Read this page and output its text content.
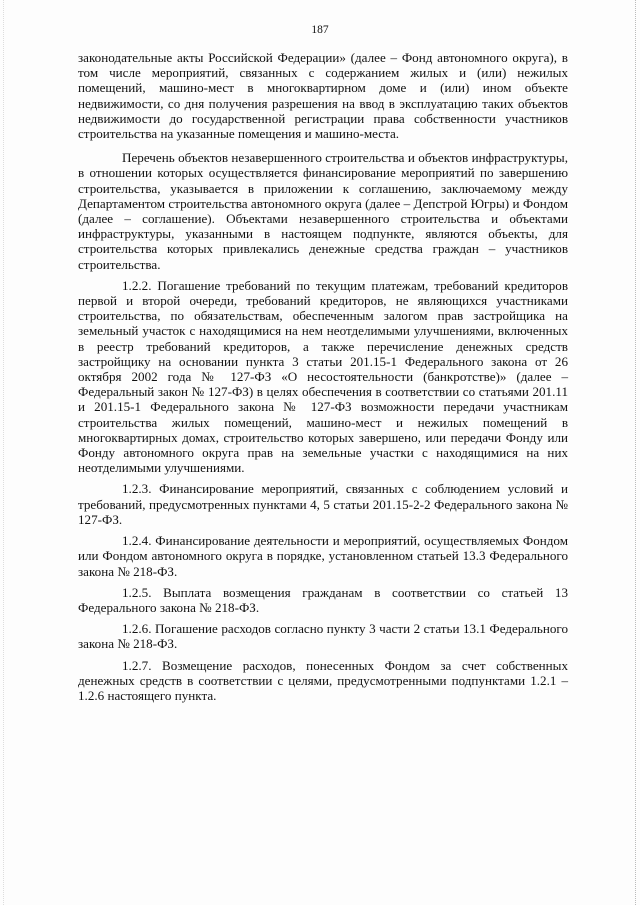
187

законодательные акты Российской Федерации» (далее – Фонд автономного округа), в том числе мероприятий, связанных с содержанием жилых и (или) нежилых помещений, машино-мест в многоквартирном доме и (или) ином объекте недвижимости, со дня получения разрешения на ввод в эксплуатацию таких объектов недвижимости до государственной регистрации права собственности участников строительства на указанные помещения и машино-места.

Перечень объектов незавершенного строительства и объектов инфраструктуры, в отношении которых осуществляется финансирование мероприятий по завершению строительства, указывается в приложении к соглашению, заключаемому между Департаментом строительства автономного округа (далее – Депстрой Югры) и Фондом (далее – соглашение). Объектами незавершенного строительства и объектами инфраструктуры, указанными в настоящем подпункте, являются объекты, для строительства которых привлекались денежные средства граждан – участников строительства.

1.2.2. Погашение требований по текущим платежам, требований кредиторов первой и второй очереди, требований кредиторов, не являющихся участниками строительства, по обязательствам, обеспеченным залогом прав застройщика на земельный участок с находящимися на нем неотделимыми улучшениями, включенных в реестр требований кредиторов, а также перечисление денежных средств застройщику на основании пункта 3 статьи 201.15-1 Федерального закона от 26 октября 2002 года № 127-ФЗ «О несостоятельности (банкротстве)» (далее – Федеральный закон № 127-ФЗ) в целях обеспечения в соответствии со статьями 201.11 и 201.15-1 Федерального закона № 127-ФЗ возможности передачи участникам строительства жилых помещений, машино-мест и нежилых помещений в многоквартирных домах, строительство которых завершено, или передачи Фонду или Фонду автономного округа прав на земельные участки с находящимися на них неотделимыми улучшениями.

1.2.3. Финансирование мероприятий, связанных с соблюдением условий и требований, предусмотренных пунктами 4, 5 статьи 201.15-2-2 Федерального закона № 127-ФЗ.

1.2.4. Финансирование деятельности и мероприятий, осуществляемых Фондом или Фондом автономного округа в порядке, установленном статьей 13.3 Федерального закона № 218-ФЗ.

1.2.5. Выплата возмещения гражданам в соответствии со статьей 13 Федерального закона № 218-ФЗ.

1.2.6. Погашение расходов согласно пункту 3 части 2 статьи 13.1 Федерального закона № 218-ФЗ.

1.2.7. Возмещение расходов, понесенных Фондом за счет собственных денежных средств в соответствии с целями, предусмотренными подпунктами 1.2.1 – 1.2.6 настоящего пункта.
